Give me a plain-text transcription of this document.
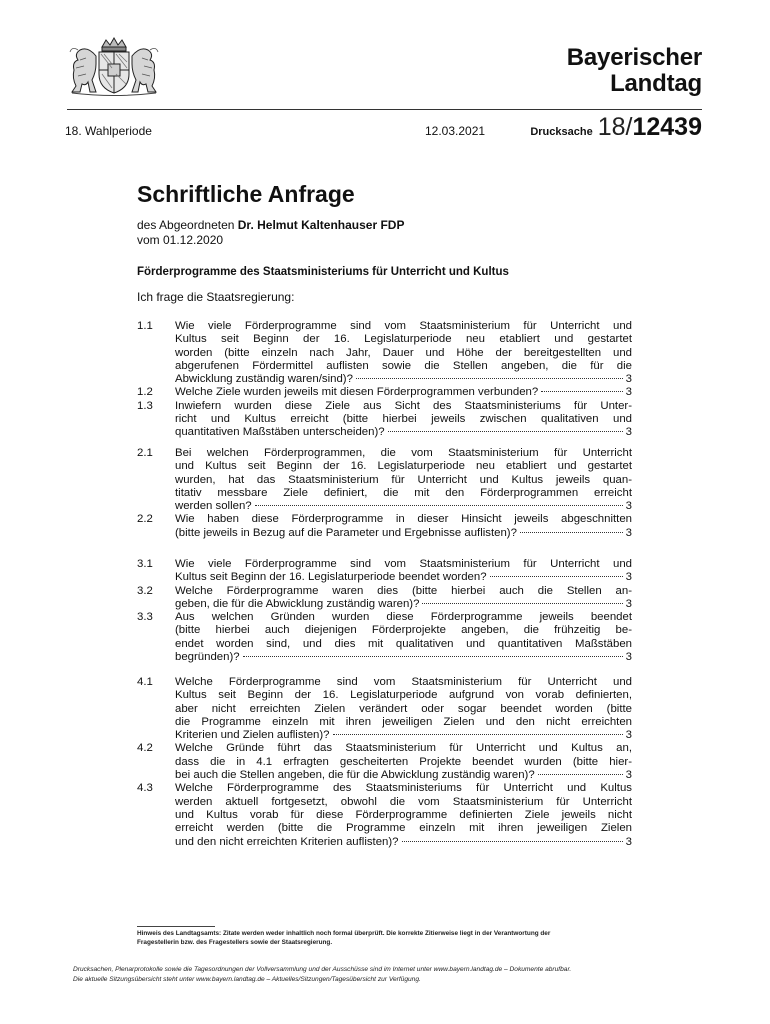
Bayerischer
Landtag
18. Wahlperiode	12.03.2021	Drucksache 18/ 12439
Schriftliche Anfrage
des Abgeordneten Dr. Helmut Kaltenhauser FDP
vom 01.12.2020
Förderprogramme des Staatsministeriums für Unterricht und Kultus
Ich frage die Staatsregierung:
1.1 Wie viele Förderprogramme sind vom Staatsministerium für Unterricht und
Kultus seit Beginn der 16. Legislaturperiode neu etabliert und gestartet
worden (bitte einzeln nach Jahr, Dauer und Höhe der bereitgestellten und
abgerufenen Fördermittel auflisten sowie die Stellen angeben, die für die
Abwicklung zuständig waren/sind)?	3
1.2 Welche Ziele wurden jeweils mit diesen Förderprogrammen verbunden?	3
1.3 Inwiefern wurden diese Ziele aus Sicht des Staatsministeriums für Unter-
richt und Kultus erreicht (bitte hierbei jeweils zwischen qualitativen und
quantitativen Maßstäben unterscheiden)?	3
2.1 Bei welchen Förderprogrammen, die vom Staatsministerium für Unterricht
und Kultus seit Beginn der 16. Legislaturperiode neu etabliert und gestartet
wurden, hat das Staatsministerium für Unterricht und Kultus jeweils quan-
titativ messbare Ziele definiert, die mit den Förderprogrammen erreicht
werden sollen?	3
2.2 Wie haben diese Förderprogramme in dieser Hinsicht jeweils abgeschnitten
(bitte jeweils in Bezug auf die Parameter und Ergebnisse auflisten)?	3
3.1 Wie viele Förderprogramme sind vom Staatsministerium für Unterricht und
Kultus seit Beginn der 16. Legislaturperiode beendet worden?	3
3.2 Welche Förderprogramme waren dies (bitte hierbei auch die Stellen an-
geben, die für die Abwicklung zuständig waren)?	3
3.3 Aus welchen Gründen wurden diese Förderprogramme jeweils beendet
(bitte hierbei auch diejenigen Förderprojekte angeben, die frühzeitig be-
endet worden sind, und dies mit qualitativen und quantitativen Maßstäben
begründen)?	3
4.1 Welche Förderprogramme sind vom Staatsministerium für Unterricht und
Kultus seit Beginn der 16. Legislaturperiode aufgrund von vorab definierten,
aber nicht erreichten Zielen verändert oder sogar beendet worden (bitte
die Programme einzeln mit ihren jeweiligen Zielen und den nicht erreichten
Kriterien und Zielen auflisten)?	3
4.2 Welche Gründe führt das Staatsministerium für Unterricht und Kultus an,
dass die in 4.1 erfragten gescheiterten Projekte beendet wurden (bitte hier-
bei auch die Stellen angeben, die für die Abwicklung zuständig waren)?	3
4.3 Welche Förderprogramme des Staatsministeriums für Unterricht und Kultus
werden aktuell fortgesetzt, obwohl die vom Staatsministerium für Unterricht
und Kultus vorab für diese Förderprogramme definierten Ziele jeweils nicht
erreicht werden (bitte die Programme einzeln mit ihren jeweiligen Zielen
und den nicht erreichten Kriterien auflisten)?	3
Hinweis des Landtagsamts: Zitate werden weder inhaltlich noch formal überprüft. Die korrekte Zitierweise liegt in der Verantwortung der
Fragestellerin bzw. des Fragestellers sowie der Staatsregierung.
Drucksachen, Plenarprotokolle sowie die Tagesordnungen der Vollversammlung und der Ausschüsse sind im Internet unter www.bayern.landtag.de – Dokumente abrufbar.
Die aktuelle Sitzungsübersicht steht unter www.bayern.landtag.de – Aktuelles/Sitzungen/Tagesübersicht zur Verfügung.
